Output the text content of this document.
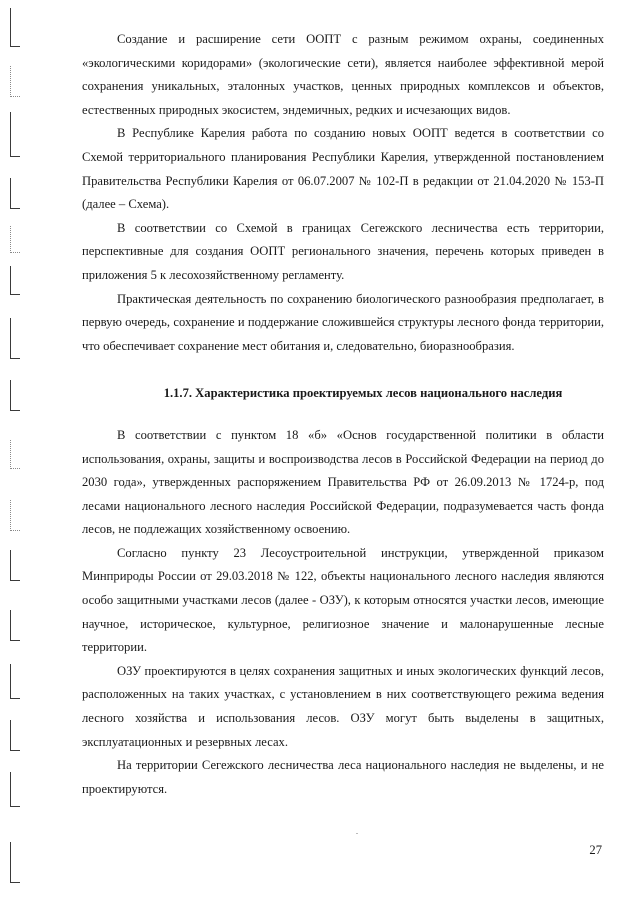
Создание и расширение сети ООПТ с разным режимом охраны, соединенных «экологическими коридорами» (экологические сети), является наиболее эффективной мерой сохранения уникальных, эталонных участков, ценных природных комплексов и объектов, естественных природных экосистем, эндемичных, редких и исчезающих видов.

В Республике Карелия работа по созданию новых ООПТ ведется в соответствии со Схемой территориального планирования Республики Карелия, утвержденной постановлением Правительства Республики Карелия от 06.07.2007 № 102-П в редакции от 21.04.2020 № 153-П (далее – Схема).

В соответствии со Схемой в границах Сегежского лесничества есть территории, перспективные для создания ООПТ регионального значения, перечень которых приведен в приложения 5 к лесохозяйственному регламенту.

Практическая деятельность по сохранению биологического разнообразия предполагает, в первую очередь, сохранение и поддержание сложившейся структуры лесного фонда территории, что обеспечивает сохранение мест обитания и, следовательно, биоразнообразия.

1.1.7. Характеристика проектируемых лесов национального наследия

В соответствии с пунктом 18 «б» «Основ государственной политики в области использования, охраны, защиты и воспроизводства лесов в Российской Федерации на период до 2030 года», утвержденных распоряжением Правительства РФ от 26.09.2013 № 1724-р, под лесами национального лесного наследия Российской Федерации, подразумевается часть фонда лесов, не подлежащих хозяйственному освоению.

Согласно пункту 23 Лесоустроительной инструкции, утвержденной приказом Минприроды России от 29.03.2018 № 122, объекты национального лесного наследия являются особо защитными участками лесов (далее - ОЗУ), к которым относятся участки лесов, имеющие научное, историческое, культурное, религиозное значение и малонарушенные лесные территории.

ОЗУ проектируются в целях сохранения защитных и иных экологических функций лесов, расположенных на таких участках, с установлением в них соответствующего режима ведения лесного хозяйства и использования лесов. ОЗУ могут быть выделены в защитных, эксплуатационных и резервных лесах.

На территории Сегежского лесничества леса национального наследия не выделены, и не проектируются.

27
